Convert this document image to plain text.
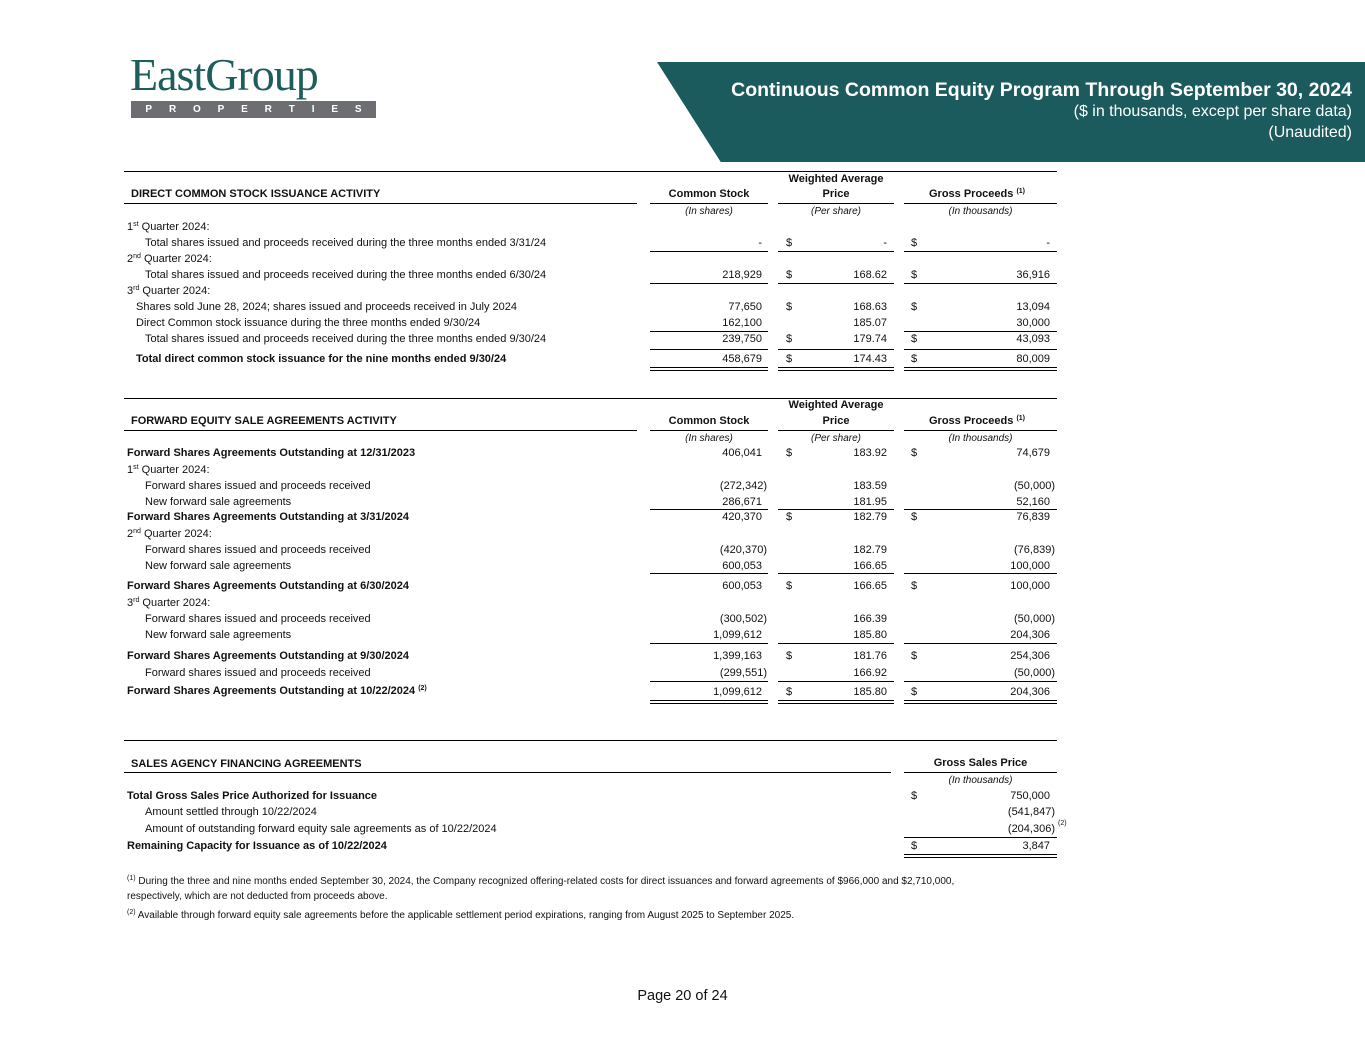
EastGroup
P R O P E R T I E S
Continuous Common Equity Program Through September 30, 2024
($ in thousands, except per share data)
(Unaudited)
DIRECT COMMON STOCK ISSUANCE ACTIVITY	Common Stock
Weighted Average
Price	Gross Proceeds $^{(1)}$
(In shares)	(Per share)	(In thousands)
1st Quarter 2024:
Total shares issued and proceeds received during the three months ended 3/31/24	- $	- $	-
2nd Quarter 2024:
Total shares issued and proceeds received during the three months ended 6/30/24	218,929 $	168.62 $	36,916
3rd Quarter 2024:
Shares sold June 28, 2024; shares issued and proceeds received in July 2024	77,650 $	168.63 $	13,094
Direct Common stock issuance during the three months ended 9/30/24	162,100	185.07	30,000
Total shares issued and proceeds received during the three months ended 9/30/24	239,750 $	179.74 $	43,093
Total direct common stock issuance for the nine months ended 9/30/24	458,679 $	174.43 $	80,009
FORWARD EQUITY SALE AGREEMENTS ACTIVITY	Common Stock
Weighted Average
Price	Gross Proceeds $^{(1)}$
(In shares)	(Per share)	(In thousands)
Forward Shares Agreements Outstanding at 12/31/2023	406,041 $	183.92 $	74,679
1st Quarter 2024:
Forward shares issued and proceeds received	(272,342)	183.59	(50,000)
New forward sale agreements	286,671	181.95	52,160
Forward Shares Agreements Outstanding at 3/31/2024	420,370 $	182.79 $	76,839
2nd Quarter 2024:
Forward shares issued and proceeds received	(420,370)	182.79	(76,839)
New forward sale agreements	600,053	166.65	100,000
Forward Shares Agreements Outstanding at 6/30/2024	600,053 $	166.65 $	100,000
3rd Quarter 2024:
Forward shares issued and proceeds received	(300,502)	166.39	(50,000)
New forward sale agreements	1,099,612	185.80	204,306
Forward Shares Agreements Outstanding at 9/30/2024	1,399,163 $	181.76 $	254,306
Forward shares issued and proceeds received	(299,551)	166.92	(50,000)
Forward Shares Agreements Outstanding at 10/22/2024 $^{(2)}$	1,099,612 $	185.80 $	204,306
SALES AGENCY FINANCING AGREEMENTS	Gross Sales Price
(In thousands)
Total Gross Sales Price Authorized for Issuance	$	750,000
Amount settled through 10/22/2024	(541,847)
Amount of outstanding forward equity sale agreements as of 10/22/2024	(204,306) $^{(2)}$
Remaining Capacity for Issuance as of 10/22/2024	$	3,847
$^{(1)}$ During the three and nine months ended September 30, 2024, the Company recognized offering-related costs for direct issuances and forward agreements of $966,000 and $2,710,000,
respectively, which are not deducted from proceeds above.
$^{(2)}$ Available through forward equity sale agreements before the applicable settlement period expirations, ranging from August 2025 to September 2025.
Page 20 of 24
